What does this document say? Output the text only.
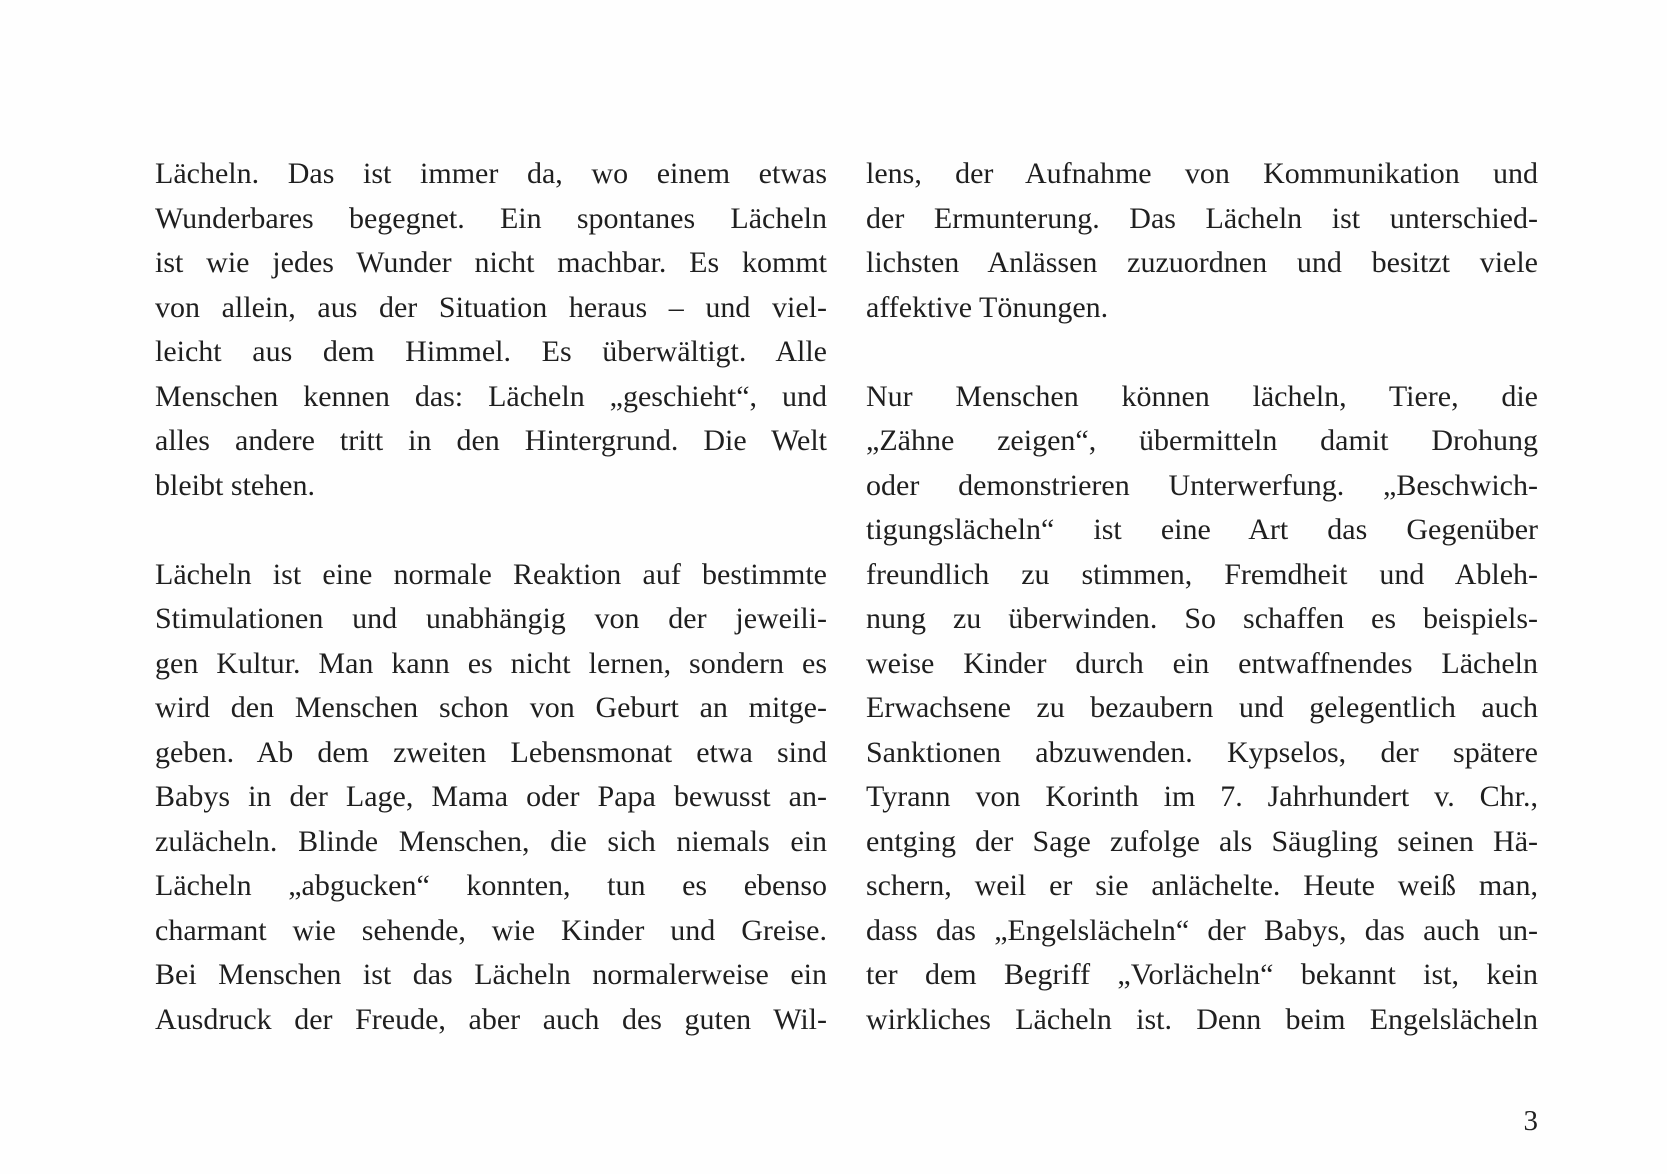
Lächeln. Das ist immer da, wo einem etwas
Wunderbares begegnet. Ein spontanes Lächeln
ist wie jedes Wunder nicht machbar. Es kommt
von allein, aus der Situation heraus – und viel-
leicht aus dem Himmel. Es überwältigt. Alle
Menschen kennen das: Lächeln „geschieht“, und
alles andere tritt in den Hintergrund. Die Welt
bleibt stehen.
Lächeln ist eine normale Reaktion auf bestimmte
Stimulationen und unabhängig von der jeweili-
gen Kultur. Man kann es nicht lernen, sondern es
wird den Menschen schon von Geburt an mitge-
geben. Ab dem zweiten Lebensmonat etwa sind
Babys in der Lage, Mama oder Papa bewusst an-
zulächeln. Blinde Menschen, die sich niemals ein
Lächeln „abgucken“ konnten, tun es ebenso
charmant wie sehende, wie Kinder und Greise.
Bei Menschen ist das Lächeln normalerweise ein
Ausdruck der Freude, aber auch des guten Wil-
lens, der Aufnahme von Kommunikation und
der Ermunterung. Das Lächeln ist unterschied-
lichsten Anlässen zuzuordnen und besitzt viele
affektive Tönungen.
Nur Menschen können lächeln, Tiere, die
„Zähne zeigen“, übermitteln damit Drohung
oder demonstrieren Unterwerfung. „Beschwich-
tigungslächeln“ ist eine Art das Gegenüber
freundlich zu stimmen, Fremdheit und Ableh-
nung zu überwinden. So schaffen es beispiels-
weise Kinder durch ein entwaffnendes Lächeln
Erwachsene zu bezaubern und gelegentlich auch
Sanktionen abzuwenden. Kypselos, der spätere
Tyrann von Korinth im 7. Jahrhundert v. Chr.,
entging der Sage zufolge als Säugling seinen Hä-
schern, weil er sie anlächelte. Heute weiß man,
dass das „Engelslächeln“ der Babys, das auch un-
ter dem Begriff „Vorlächeln“ bekannt ist, kein
wirkliches Lächeln ist. Denn beim Engelslächeln
3
